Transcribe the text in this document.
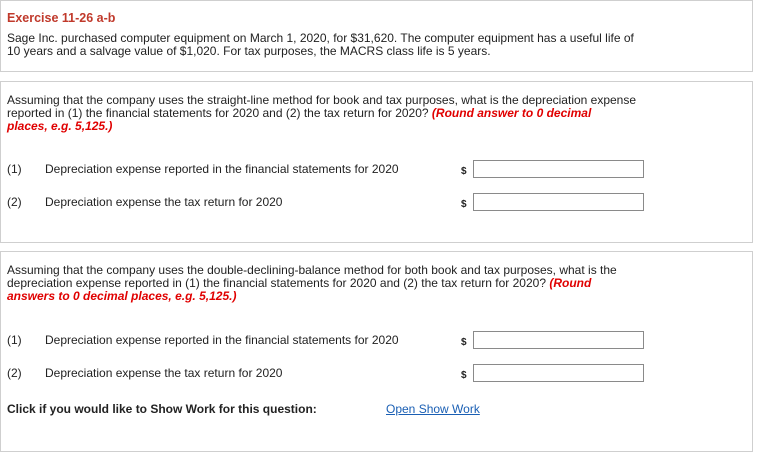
Exercise 11-26 a-b
Sage Inc. purchased computer equipment on March 1, 2020, for $31,620. The computer equipment has a useful life of
10 years and a salvage value of $1,020. For tax purposes, the MACRS class life is 5 years.
Assuming that the company uses the straight-line method for book and tax purposes, what is the depreciation expense
reported in (1) the financial statements for 2020 and (2) the tax return for 2020? (Round answer to 0 decimal
places, e.g. 5,125.)
(1) Depreciation expense reported in the financial statements for 2020	$
(2) Depreciation expense the tax return for 2020	$
Assuming that the company uses the double-declining-balance method for both book and tax purposes, what is the
depreciation expense reported in (1) the financial statements for 2020 and (2) the tax return for 2020? (Round
answers to 0 decimal places, e.g. 5,125.)
(1) Depreciation expense reported in the financial statements for 2020	$
(2) Depreciation expense the tax return for 2020	$
Click if you would like to Show Work for this question:	Open Show Work
